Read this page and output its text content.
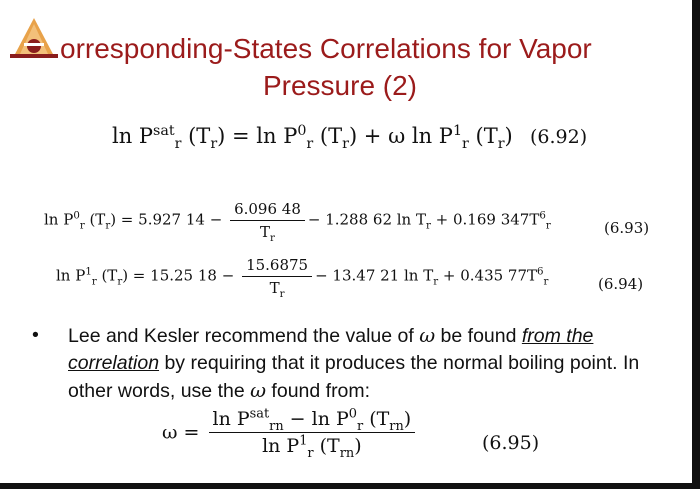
orresponding-States Correlations for Vapor
Pressure (2)
$\ln P^{sat}_r$ $(T_r) = \ln P^0_r$ $(T_r) + \omega$ $\ln P^1_r$ $(T_r)$ (6.92)
$\ln P^0_r$ $(T_r) = 5.927$ $14 - \frac{6.096 48}{T_r} - 1.288$ 62 $\ln T_r + 0.169$ $347T^6_r$	(6.93)
$\ln P^1_r$ $(T_r) = 15.25$ $18 - \frac{15.6875}{T_r} - 13.47$ 21 $\ln T_r + 0.435$ $77T^6_r$	(6.94)
• Lee and Kesler recommend the value of ω be found from the correlation by requiring that it produces the normal boiling point. In other words, use the ω found from:
$\omega = \frac{\ln P^{sat}_{rn} - \ln P^0_r (T_{rn})}{\ln P^1_r (T_{rn})}$	(6.95)
